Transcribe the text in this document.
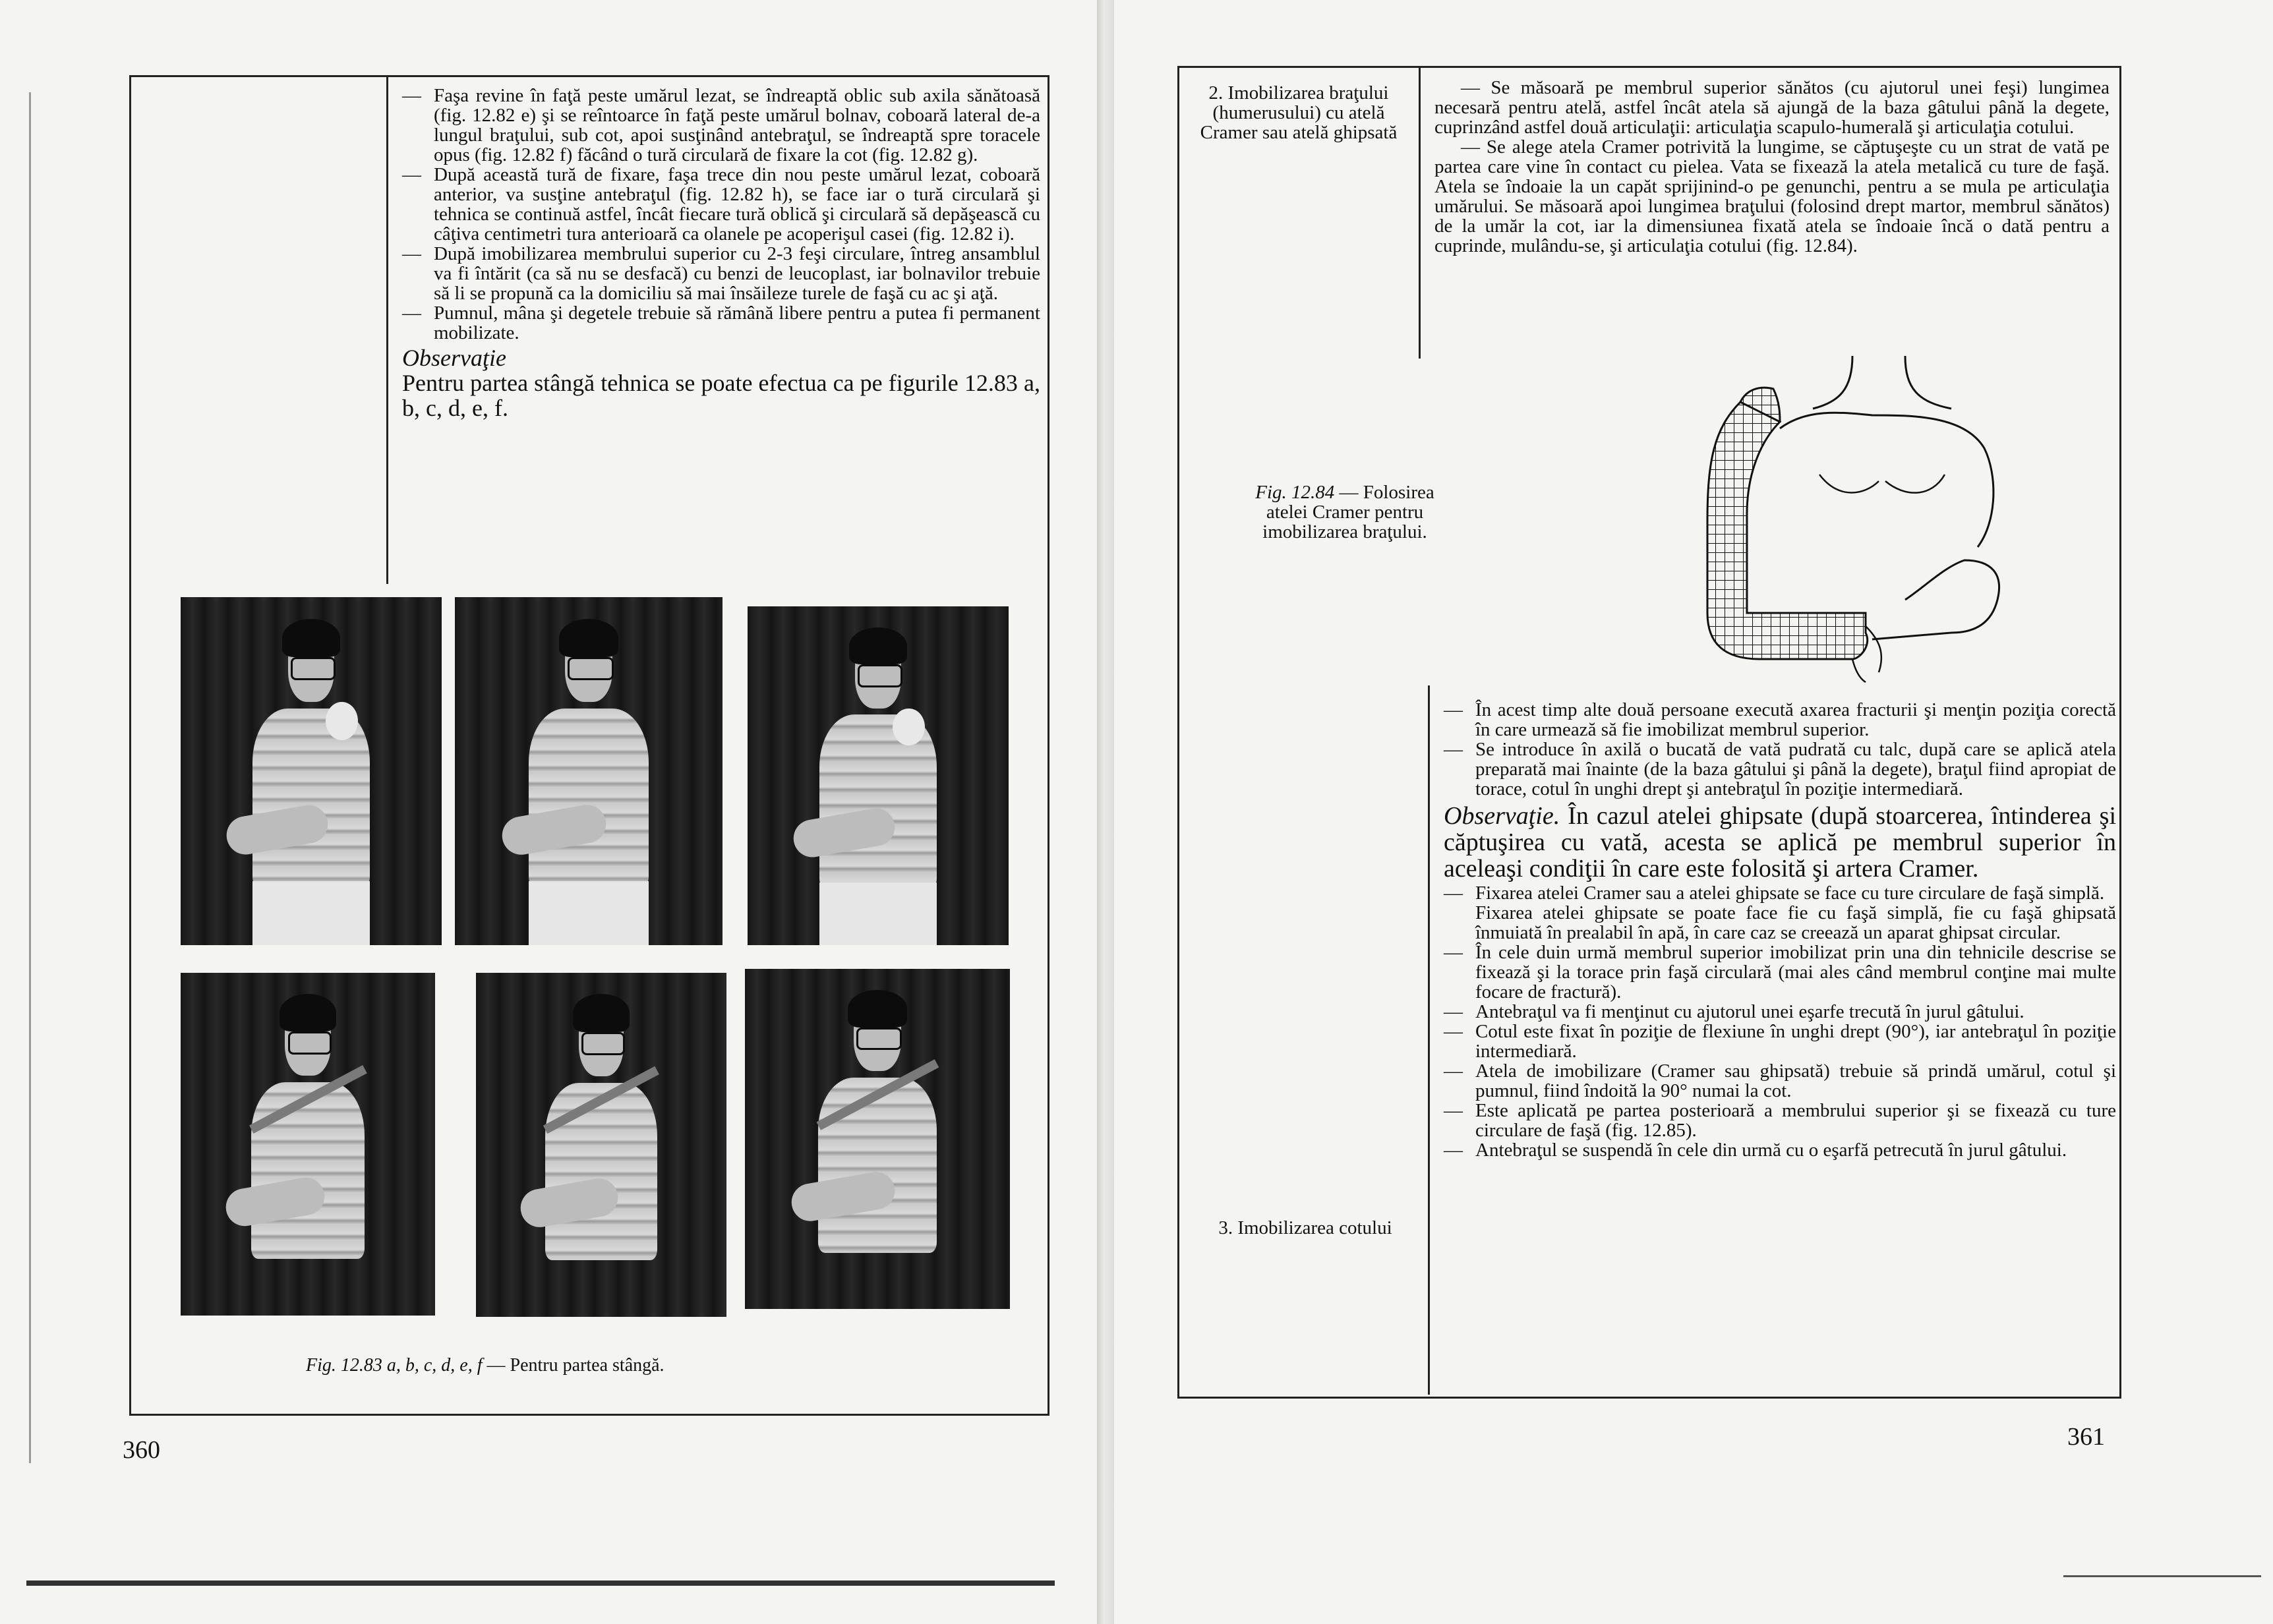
— Faşa revine în faţă peste umărul lezat, se îndreaptă oblic sub axila sănătoasă (fig. 12.82 e) şi se reîntoarce în faţă peste umărul bolnav, coboară lateral de-a lungul braţului, sub cot, apoi susţinând antebraţul, se îndreaptă spre toracele opus (fig. 12.82 f) făcând o tură circulară de fixare la cot (fig. 12.82 g).

— După această tură de fixare, faşa trece din nou peste umărul lezat, coboară anterior, va susţine antebraţul (fig. 12.82 h), se face iar o tură circulară şi tehnica se continuă astfel, încât fiecare tură oblică şi circulară să depăşească cu câţiva centimetri tura anterioară ca olanele pe acoperişul casei (fig. 12.82 i).

— După imobilizarea membrului superior cu 2-3 feşi circulare, întreg ansamblul va fi întărit (ca să nu se desfacă) cu benzi de leucoplast, iar bolnavilor trebuie să li se propună ca la domiciliu să mai însăileze turele de faşă cu ac şi aţă.

— Pumnul, mâna şi degetele trebuie să rămână libere pentru a putea fi permanent mobilizate.

Observaţie
Pentru partea stângă tehnica se poate efectua ca pe figurile 12.83 a, b, c, d, e, f.
Fig. 12.83 a, b, c, d, e, f — Pentru partea stângă.
360
2. Imobilizarea braţului (humerusului) cu atelă Cramer sau atelă ghipsată
— Se măsoară pe membrul superior sănătos (cu ajutorul unei feşi) lungimea necesară pentru atelă, astfel încât atela să ajungă de la baza gâtului până la degete, cuprinzând astfel două articulaţii: articulaţia scapulo-humerală şi articulaţia cotului.
— Se alege atela Cramer potrivită la lungime, se căptuşeşte cu un strat de vată pe partea care vine în contact cu pielea. Vata se fixează la atela metalică cu ture de faşă. Atela se îndoaie la un capăt sprijinind-o pe genunchi, pentru a se mula pe articulaţia umărului. Se măsoară apoi lungimea braţului (folosind drept martor, membrul sănătos) de la umăr la cot, iar la dimensiunea fixată atela se îndoaie încă o dată pentru a cuprinde, mulându-se, şi articulaţia cotului (fig. 12.84).
Fig. 12.84 — Folosirea atelei Cramer pentru imobilizarea braţului.

— În acest timp alte două persoane execută axarea fracturii şi menţin poziţia corectă în care urmează să fie imobilizat membrul superior.

— Se introduce în axilă o bucată de vată pudrată cu talc, după care se aplică atela preparată mai înainte (de la baza gâtului şi până la degete), braţul fiind apropiat de torace, cotul în unghi drept şi antebraţul în poziţie intermediară.

Observaţie. În cazul atelei ghipsate (după stoarcerea, întinderea şi căptuşirea cu vată, acesta se aplică pe membrul superior în aceleaşi condiţii în care este folosită şi artera Cramer.

— Fixarea atelei Cramer sau a atelei ghipsate se face cu ture circulare de faşă simplă.

Fixarea atelei ghipsate se poate face fie cu faşă simplă, fie cu faşă ghipsată înmuiată în prealabil în apă, în care caz se creează un aparat ghipsat circular.

— În cele duin urmă membrul superior imobilizat prin una din tehnicile descrise se fixează şi la torace prin faşă circulară (mai ales când membrul conţine mai multe focare de fractură).

— Antebraţul va fi menţinut cu ajutorul unei eşarfe trecută în jurul gâtului.

— Cotul este fixat în poziţie de flexiune în unghi drept (90°), iar antebraţul în poziţie intermediară.

— Atela de imobilizare (Cramer sau ghipsată) trebuie să prindă umărul, cotul şi pumnul, fiind îndoită la 90° numai la cot.

— Este aplicată pe partea posterioară a membrului superior şi se fixează cu ture circulare de faşă (fig. 12.85).

— Antebraţul se suspendă în cele din urmă cu o eşarfă petrecută în jurul gâtului.

3. Imobilizarea cotului
361
